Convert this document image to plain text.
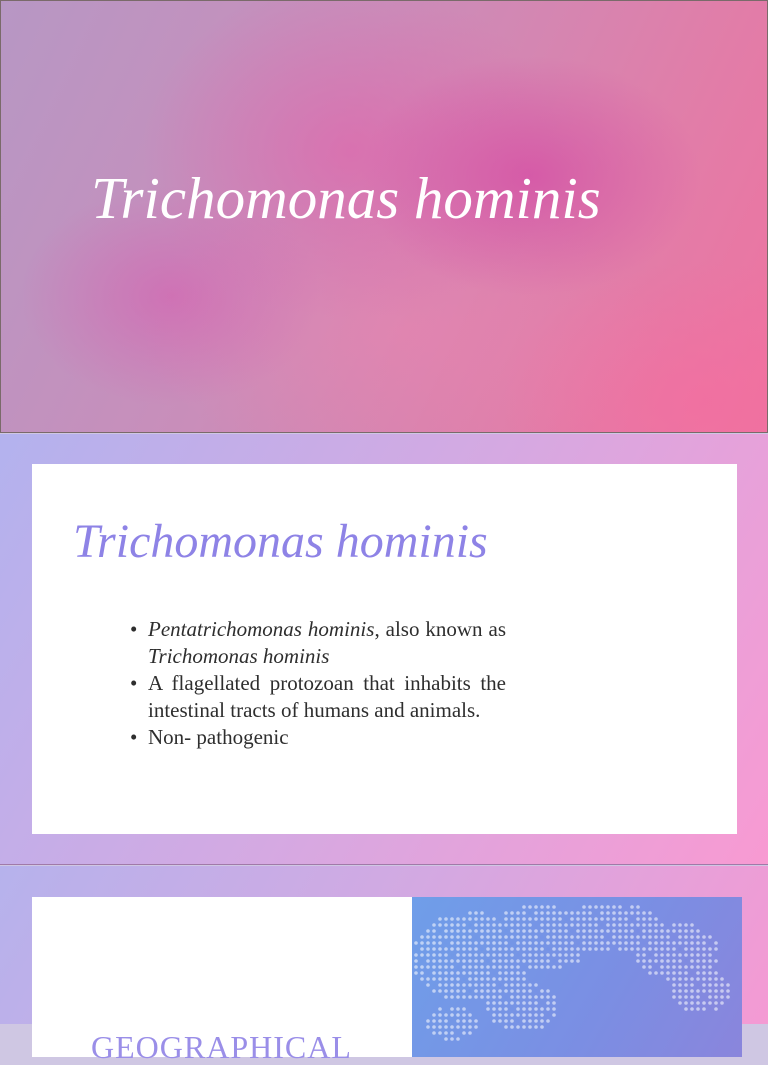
Trichomonas hominis
Trichomonas hominis
• Pentatrichomonas hominis, also known as Trichomonas hominis
• A flagellated protozoan that inhabits the intestinal tracts of humans and animals.
• Non- pathogenic
GEOGRAPHICAL
